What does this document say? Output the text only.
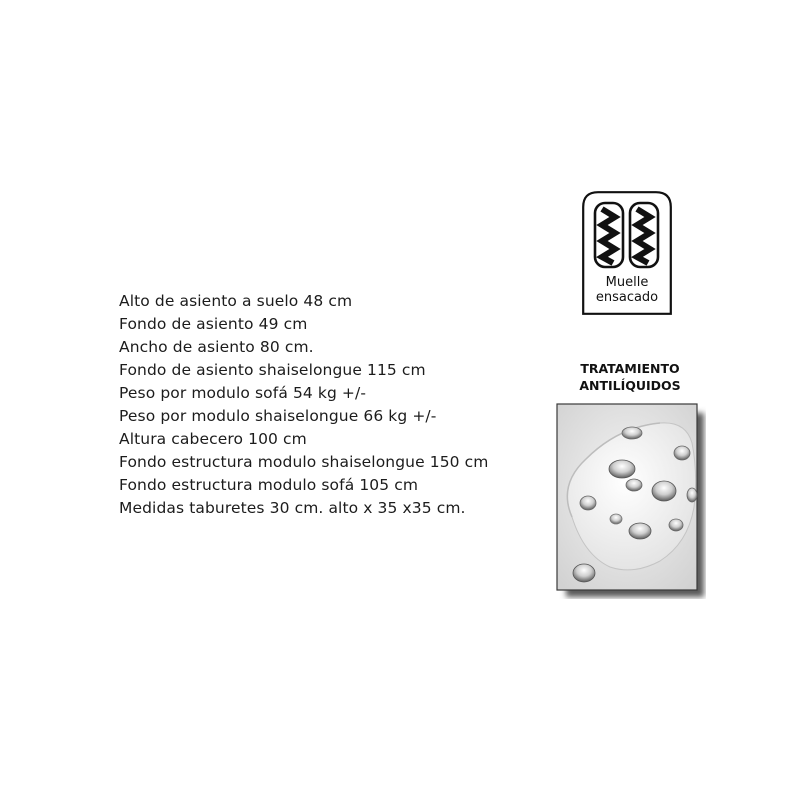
Alto de asiento a suelo 48 cm
Fondo de asiento 49 cm
Ancho de asiento 80 cm.
Fondo de asiento shaiselongue 115 cm
Peso por modulo sofá 54 kg +/-
Peso por modulo shaiselongue 66 kg +/-
Altura cabecero 100 cm
Fondo estructura modulo shaiselongue 150 cm
Fondo estructura modulo sofá 105 cm
Medidas taburetes 30 cm. alto x 35 x35 cm.
Muelle
ensacado
TRATAMIENTO
ANTILÍQUIDOS
